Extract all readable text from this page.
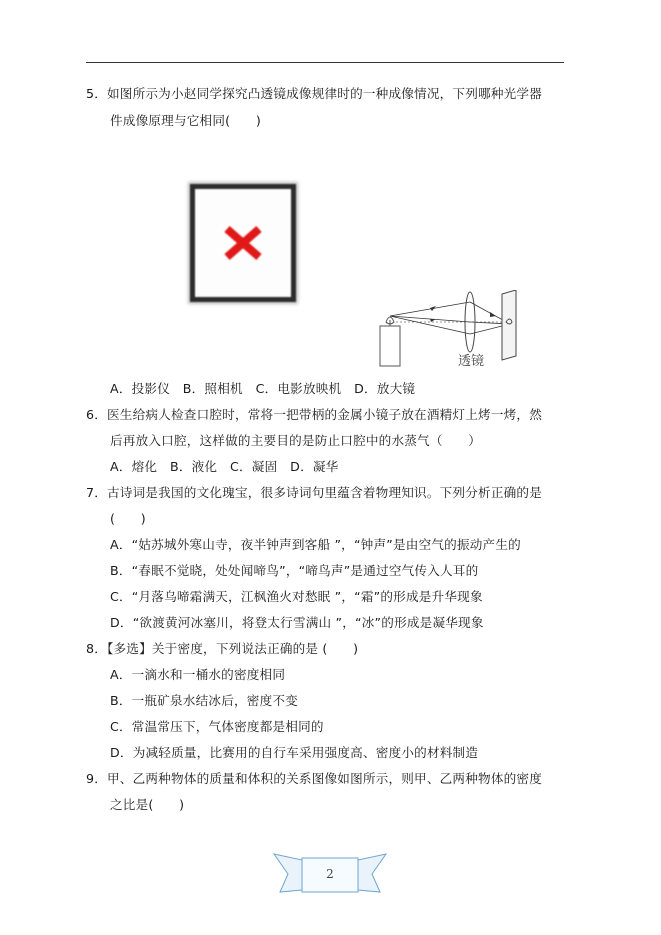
5．如图所示为小赵同学探究凸透镜成像规律时的一种成像情况，下列哪种光学器
件成像原理与它相同(　　)
透镜
A．投影仪　B．照相机　C．电影放映机　D．放大镜
6．医生给病人检查口腔时，常将一把带柄的金属小镜子放在酒精灯上烤一烤，然
后再放入口腔，这样做的主要目的是防止口腔中的水蒸气（　　）
A．熔化　B．液化　C．凝固　D．凝华
7．古诗词是我国的文化瑰宝，很多诗词句里蕴含着物理知识。下列分析正确的是
(　　)
A．“姑苏城外寒山寺，夜半钟声到客船 ”，“钟声”是由空气的振动产生的
B．“春眠不觉晓，处处闻啼鸟”，“啼鸟声”是通过空气传入人耳的
C．“月落乌啼霜满天，江枫渔火对愁眠 ”，“霜”的形成是升华现象
D．“欲渡黄河冰塞川，将登太行雪满山 ”，“冰”的形成是凝华现象
8．【多选】关于密度，下列说法正确的是 (　　)
A．一滴水和一桶水的密度相同
B．一瓶矿泉水结冰后，密度不变
C．常温常压下，气体密度都是相同的
D．为减轻质量，比赛用的自行车采用强度高、密度小的材料制造
9．甲、乙两种物体的质量和体积的关系图像如图所示，则甲、乙两种物体的密度
之比是(　　)
2
